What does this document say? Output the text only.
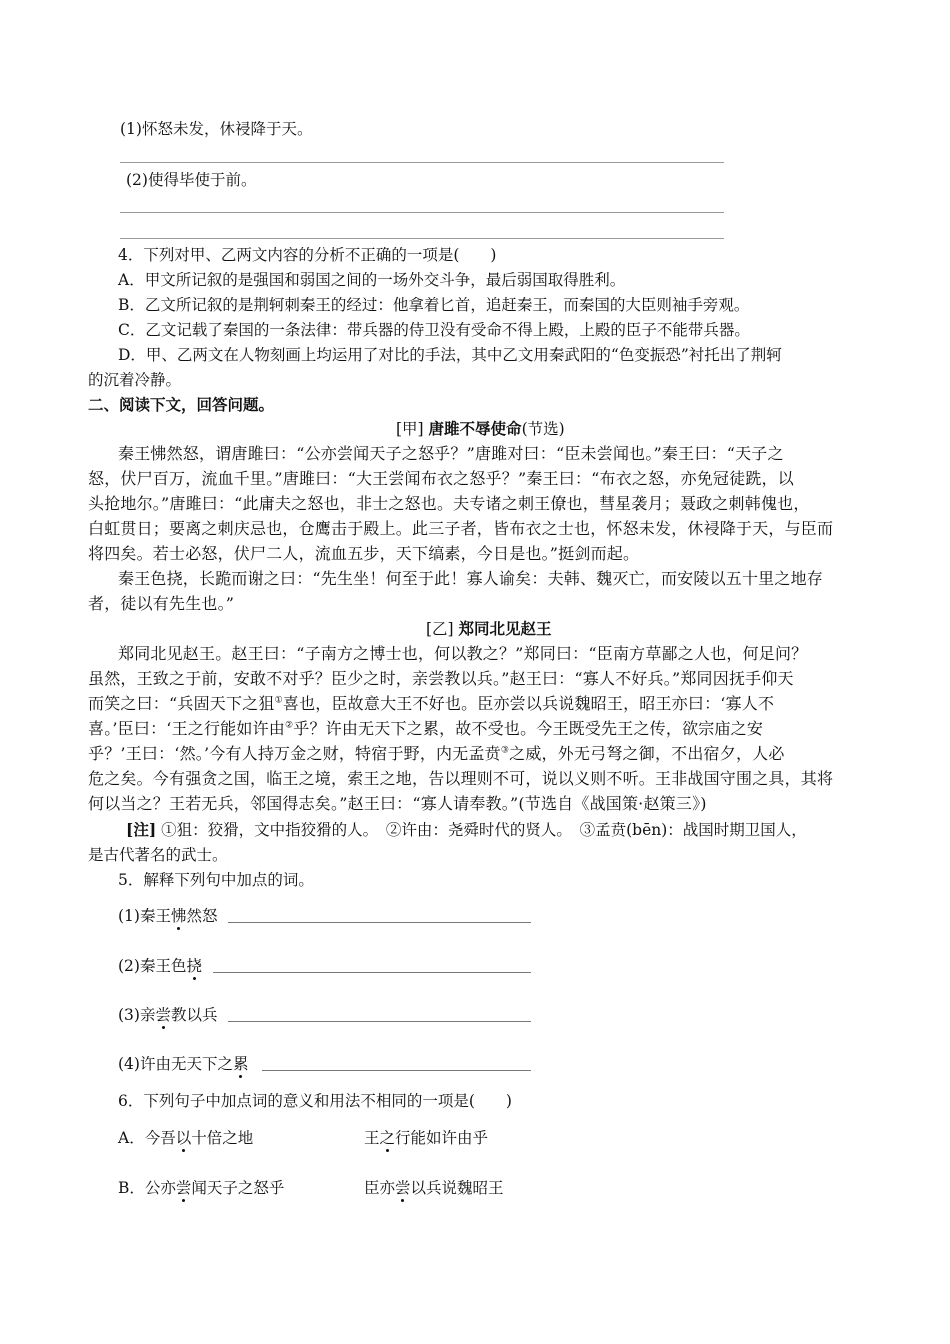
(1)怀怒未发，休祲降于天。
(2)使得毕使于前。
4．下列对甲、乙两文内容的分析不正确的一项是(　　)
A．甲文所记叙的是强国和弱国之间的一场外交斗争，最后弱国取得胜利。
B．乙文所记叙的是荆轲刺秦王的经过：他拿着匕首，追赶秦王，而秦国的大臣则袖手旁观。
C．乙文记载了秦国的一条法律：带兵器的侍卫没有受命不得上殿，上殿的臣子不能带兵器。
D．甲、乙两文在人物刻画上均运用了对比的手法，其中乙文用秦武阳的“色变振恐”衬托出了荆轲
的沉着冷静。
二、阅读下文，回答问题。
[甲] 唐雎不辱使命(节选)
秦王怫然怒，谓唐雎曰：“公亦尝闻天子之怒乎？”唐雎对曰：“臣未尝闻也。”秦王曰：“天子之
怒，伏尸百万，流血千里。”唐雎曰：“大王尝闻布衣之怒乎？”秦王曰：“布衣之怒，亦免冠徒跣，以
头抢地尔。”唐雎曰：“此庸夫之怒也，非士之怒也。夫专诸之刺王僚也，彗星袭月；聂政之刺韩傀也，
白虹贯日；要离之刺庆忌也，仓鹰击于殿上。此三子者，皆布衣之士也，怀怒未发，休祲降于天，与臣而
将四矣。若士必怒，伏尸二人，流血五步，天下缟素，今日是也。”挺剑而起。
秦王色挠，长跪而谢之曰：“先生坐！何至于此！寡人谕矣：夫韩、魏灭亡，而安陵以五十里之地存
者，徒以有先生也。”
[乙] 郑同北见赵王
郑同北见赵王。赵王曰：“子南方之博士也，何以教之？”郑同曰：“臣南方草鄙之人也，何足问？
虽然，王致之于前，安敢不对乎？臣少之时，亲尝教以兵。”赵王曰：“寡人不好兵。”郑同因抚手仰天
而笑之曰：“兵固天下之狙①喜也，臣故意大王不好也。臣亦尝以兵说魏昭王，昭王亦曰：‘寡人不
喜。’臣曰：‘王之行能如许由②乎？许由无天下之累，故不受也。今王既受先王之传，欲宗庙之安
乎？’王曰：‘然。’今有人持万金之财，特宿于野，内无孟贲③之威，外无弓弩之御，不出宿夕，人必
危之矣。今有强贪之国，临王之境，索王之地，告以理则不可，说以义则不听。王非战国守围之具，其将
何以当之？王若无兵，邻国得志矣。”赵王曰：“寡人请奉教。”(节选自《战国策·赵策三》)
[注] ①狙：狡猾，文中指狡猾的人。　②许由：尧舜时代的贤人。　③孟贲(bēn)：战国时期卫国人，
是古代著名的武士。
5．解释下列句中加点的词。
(1)秦王怫然怒
(2)秦王色挠
(3)亲尝教以兵
(4)许由无天下之累
6．下列句子中加点词的意义和用法不相同的一项是(　　)
A．今吾以十倍之地	王之行能如许由乎
B．公亦尝闻天子之怒乎	臣亦尝以兵说魏昭王
